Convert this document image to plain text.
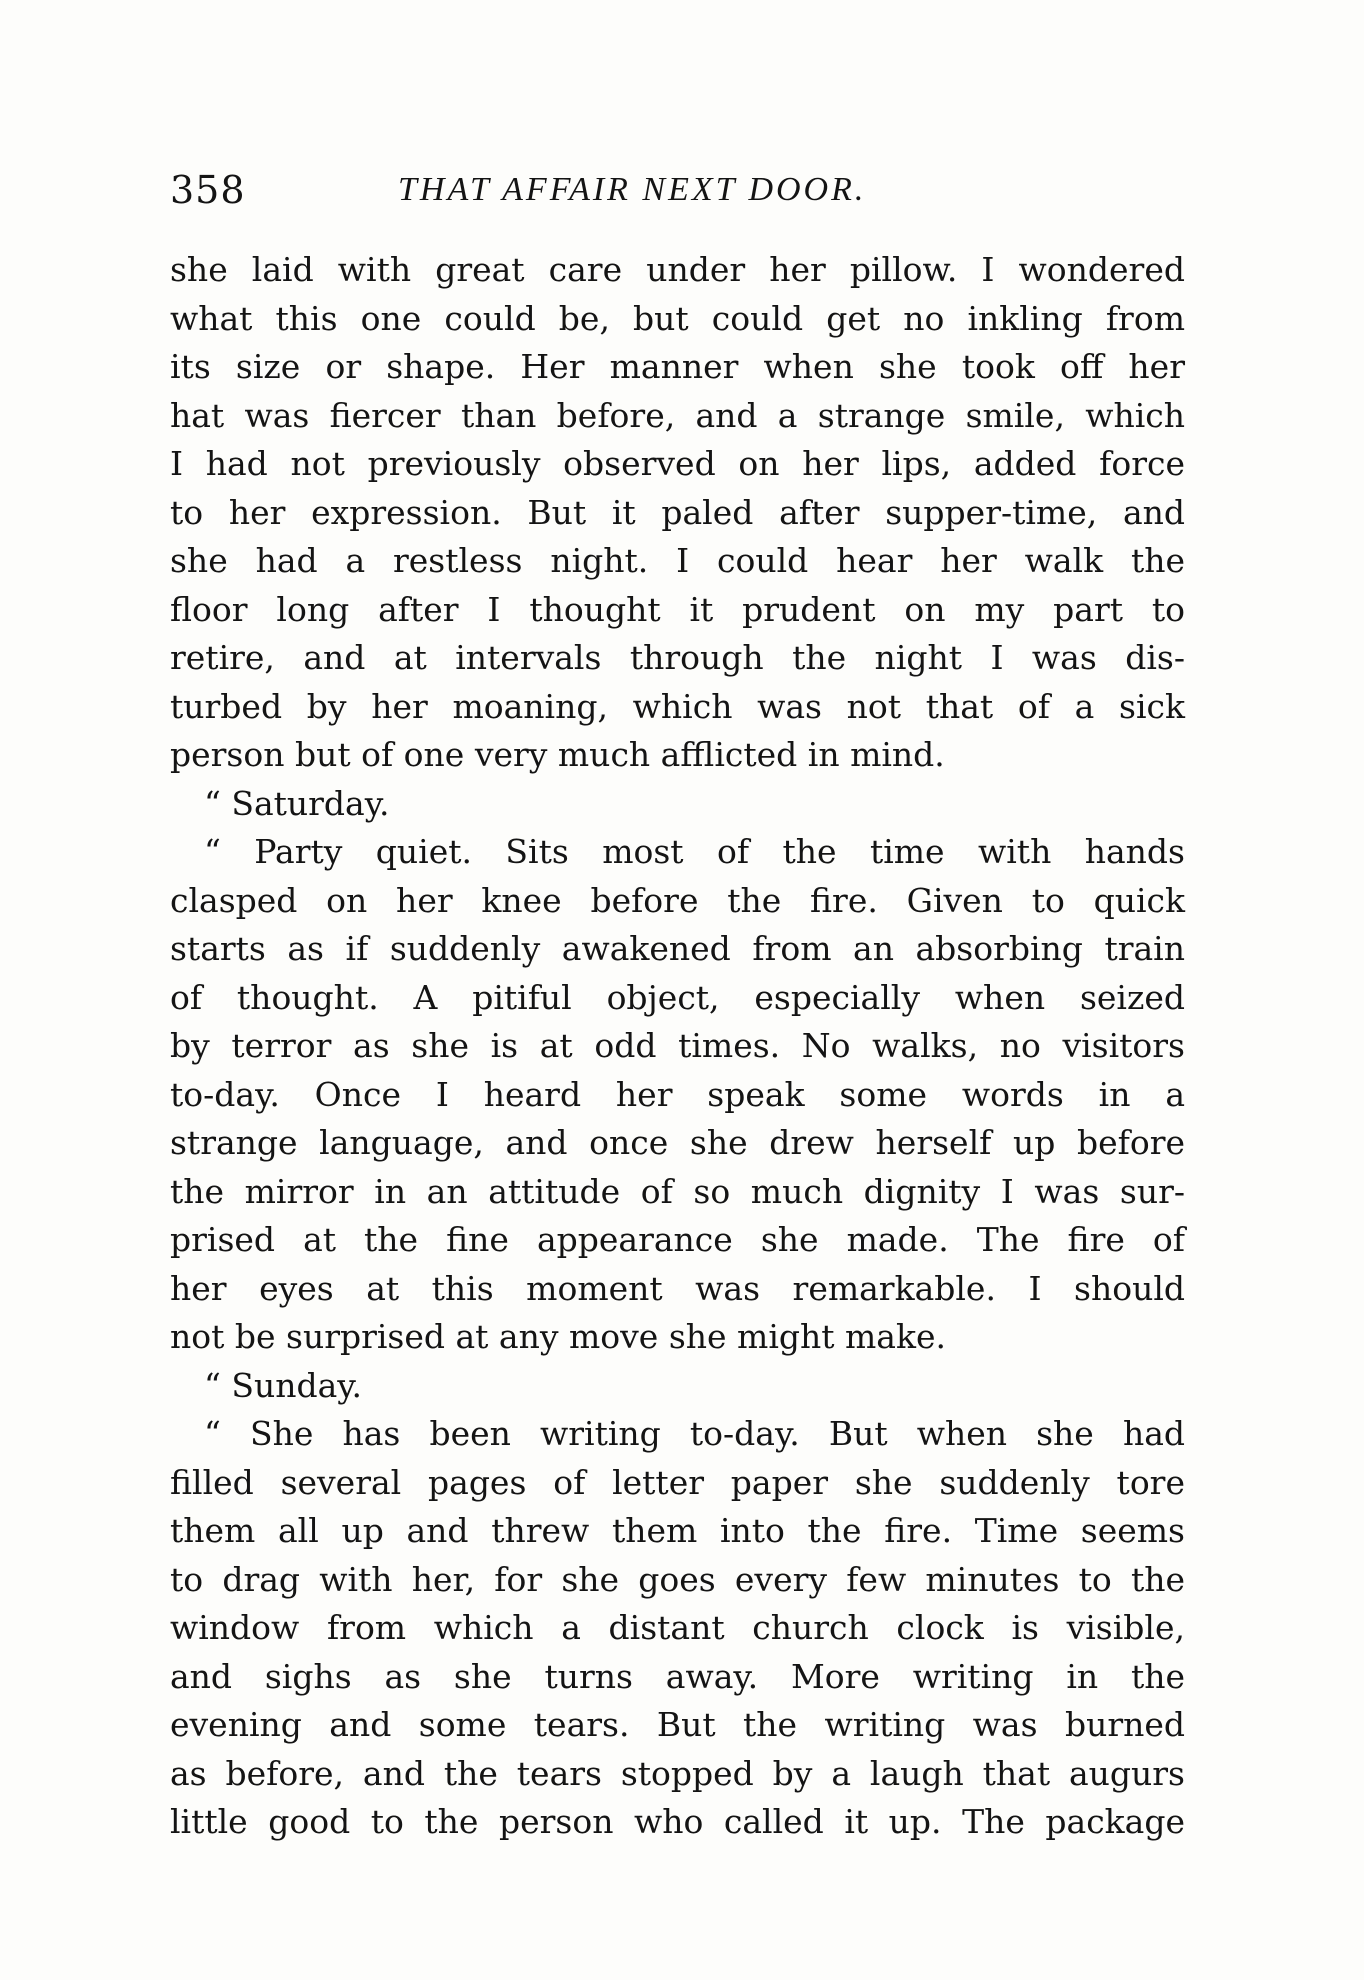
358	THAT AFFAIR NEXT DOOR.
she laid with great care under her pillow. I wondered
what this one could be, but could get no inkling from
its size or shape. Her manner when she took off her
hat was fiercer than before, and a strange smile, which
I had not previously observed on her lips, added force
to her expression. But it paled after supper-time, and
she had a restless night. I could hear her walk the
floor long after I thought it prudent on my part to
retire, and at intervals through the night I was dis-
turbed by her moaning, which was not that of a sick
person but of one very much afflicted in mind.
“ Saturday.
“ Party quiet. Sits most of the time with hands
clasped on her knee before the fire. Given to quick
starts as if suddenly awakened from an absorbing train
of thought. A pitiful object, especially when seized
by terror as she is at odd times. No walks, no visitors
to-day. Once I heard her speak some words in a
strange language, and once she drew herself up before
the mirror in an attitude of so much dignity I was sur-
prised at the fine appearance she made. The fire of
her eyes at this moment was remarkable. I should
not be surprised at any move she might make.
“ Sunday.
“ She has been writing to-day. But when she had
filled several pages of letter paper she suddenly tore
them all up and threw them into the fire. Time seems
to drag with her, for she goes every few minutes to the
window from which a distant church clock is visible,
and sighs as she turns away. More writing in the
evening and some tears. But the writing was burned
as before, and the tears stopped by a laugh that augurs
little good to the person who called it up. The package
